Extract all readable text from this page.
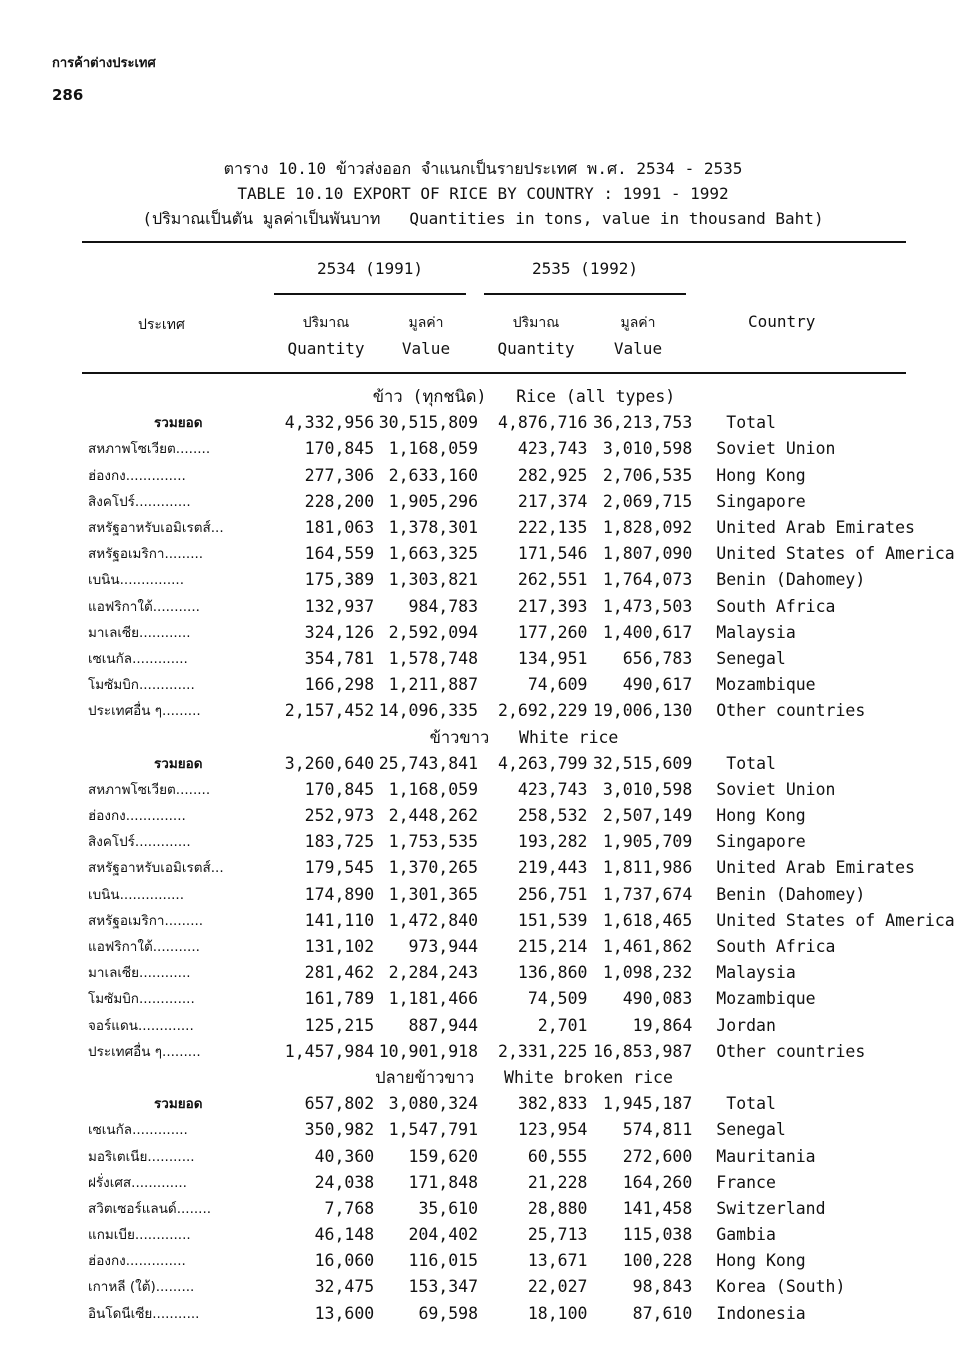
การค้าต่างประเทศ
286
ตาราง 10.10 ข้าวส่งออก จำแนกเป็นรายประเทศ พ.ศ. 2534 - 2535
TABLE 10.10 EXPORT OF RICE BY COUNTRY : 1991 - 1992
(ปริมาณเป็นตัน มูลค่าเป็นพันบาท   Quantities in tons, value in thousand Baht)
2534 (1991)	2535 (1992)
ประเทศ	ปริมาณ	มูลค่า	ปริมาณ	มูลค่า
Quantity	Value	Quantity	Value
Country
ข้าว (ทุกชนิด)   Rice (all types)					
รวมยอด	4,332,956	30,515,809	4,876,716	36,213,753	Total
สหภาพโซเวียต........	170,845	1,168,059	423,743	3,010,598	Soviet Union
ฮ่องกง..............	277,306	2,633,160	282,925	2,706,535	Hong Kong
สิงคโปร์.............	228,200	1,905,296	217,374	2,069,715	Singapore
สหรัฐอาหรับเอมิเรตส์...	181,063	1,378,301	222,135	1,828,092	United Arab Emirates
สหรัฐอเมริกา.........	164,559	1,663,325	171,546	1,807,090	United States of America
เบนิน...............	175,389	1,303,821	262,551	1,764,073	Benin (Dahomey)
แอฟริกาใต้...........	132,937	984,783	217,393	1,473,503	South Africa
มาเลเซีย............	324,126	2,592,094	177,260	1,400,617	Malaysia
เซเนกัล.............	354,781	1,578,748	134,951	656,783	Senegal
โมซัมบิก.............	166,298	1,211,887	74,609	490,617	Mozambique
ประเทศอื่น ๆ.........	2,157,452	14,096,335	2,692,229	19,006,130	Other countries
ข้าวขาว   White rice					
รวมยอด	3,260,640	25,743,841	4,263,799	32,515,609	Total
สหภาพโซเวียต........	170,845	1,168,059	423,743	3,010,598	Soviet Union
ฮ่องกง..............	252,973	2,448,262	258,532	2,507,149	Hong Kong
สิงคโปร์.............	183,725	1,753,535	193,282	1,905,709	Singapore
สหรัฐอาหรับเอมิเรตส์...	179,545	1,370,265	219,443	1,811,986	United Arab Emirates
เบนิน...............	174,890	1,301,365	256,751	1,737,674	Benin (Dahomey)
สหรัฐอเมริกา.........	141,110	1,472,840	151,539	1,618,465	United States of America
แอฟริกาใต้...........	131,102	973,944	215,214	1,461,862	South Africa
มาเลเซีย............	281,462	2,284,243	136,860	1,098,232	Malaysia
โมซัมบิก.............	161,789	1,181,466	74,509	490,083	Mozambique
จอร์แดน.............	125,215	887,944	2,701	19,864	Jordan
ประเทศอื่น ๆ.........	1,457,984	10,901,918	2,331,225	16,853,987	Other countries
ปลายข้าวขาว   White broken rice					
รวมยอด	657,802	3,080,324	382,833	1,945,187	Total
เซเนกัล.............	350,982	1,547,791	123,954	574,811	Senegal
มอริเตเนีย...........	40,360	159,620	60,555	272,600	Mauritania
ฝรั่งเศส.............	24,038	171,848	21,228	164,260	France
สวิตเซอร์แลนด์........	7,768	35,610	28,880	141,458	Switzerland
แกมเบีย.............	46,148	204,402	25,713	115,038	Gambia
ฮ่องกง..............	16,060	116,015	13,671	100,228	Hong Kong
เกาหลี (ใต้).........	32,475	153,347	22,027	98,843	Korea (South)
อินโดนีเซีย...........	13,600	69,598	18,100	87,610	Indonesia
